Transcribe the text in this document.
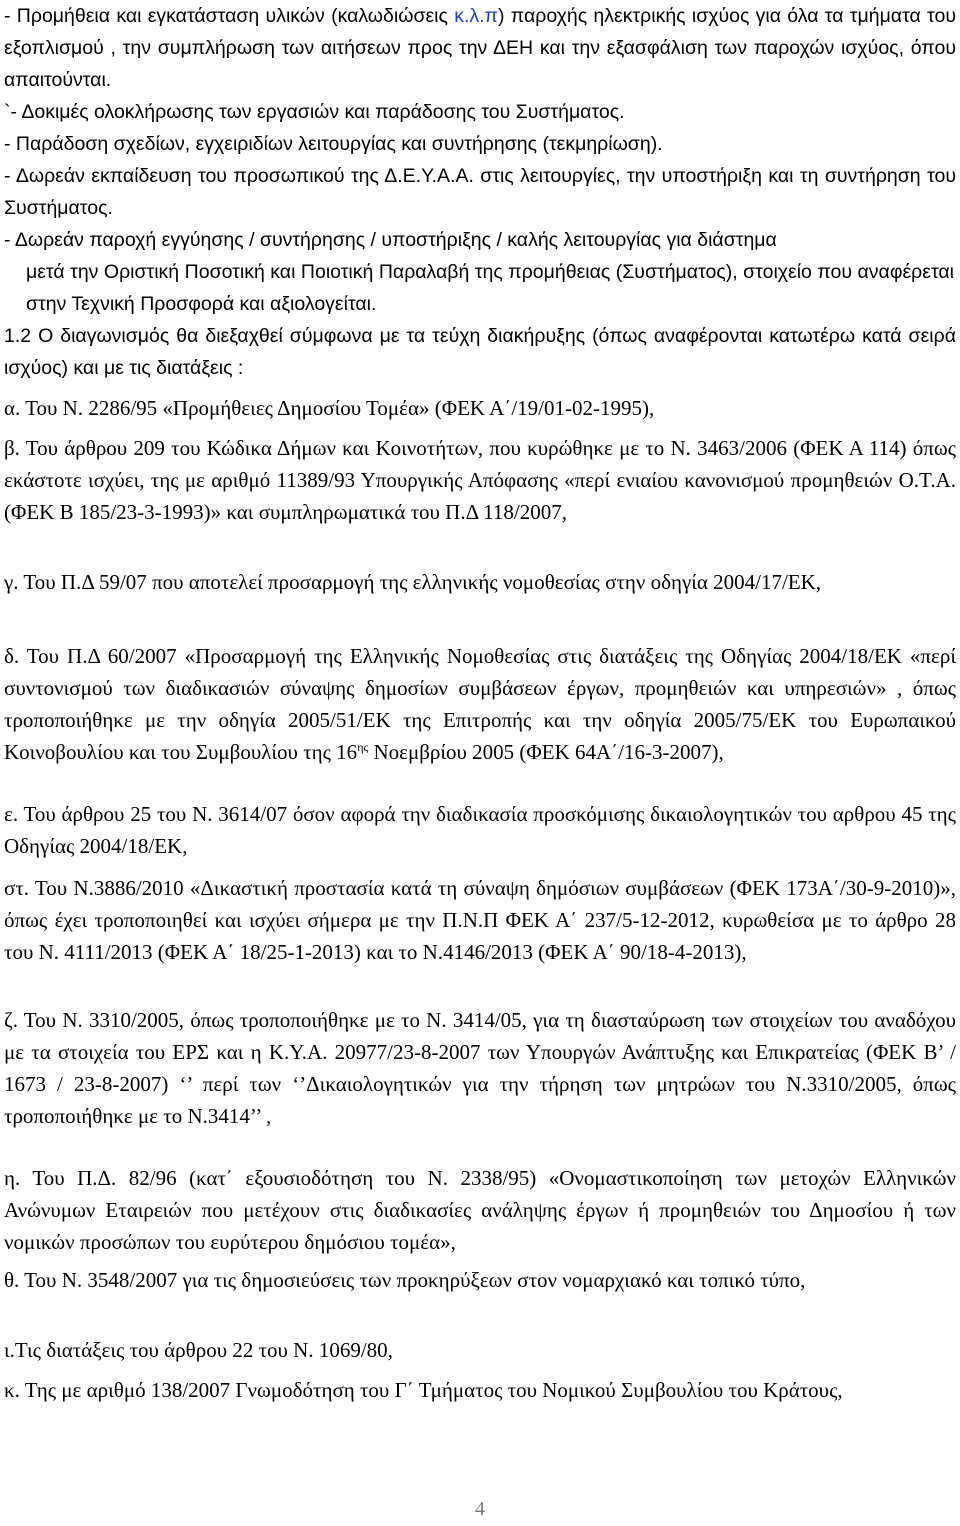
- Προμήθεια και εγκατάσταση υλικών (καλωδιώσεις κ.λ.π) παροχής ηλεκτρικής ισχύος για όλα τα τμήματα του εξοπλισμού , την συμπλήρωση των αιτήσεων προς την ΔΕΗ και την εξασφάλιση των παροχών ισχύος, όπου απαιτούνται.

`- Δοκιμές ολοκλήρωσης των εργασιών και παράδοσης του Συστήματος.

- Παράδοση σχεδίων, εγχειριδίων λειτουργίας και συντήρησης (τεκμηρίωση).

- Δωρεάν εκπαίδευση του προσωπικού της Δ.Ε.Υ.Α.Α. στις λειτουργίες, την υποστήριξη και τη συντήρηση του Συστήματος.

- Δωρεάν παροχή εγγύησης / συντήρησης / υποστήριξης / καλής λειτουργίας για διάστημα

μετά την Οριστική Ποσοτική και Ποιοτική Παραλαβή της προμήθειας (Συστήματος), στοιχείο που αναφέρεται στην Τεχνική Προσφορά και αξιολογείται.

1.2 Ο διαγωνισμός θα διεξαχθεί σύμφωνα με τα τεύχη διακήρυξης (όπως αναφέρονται κατωτέρω κατά σειρά ισχύος) και με τις διατάξεις :

α. Του Ν. 2286/95 «Προμήθειες Δημοσίου Τομέα» (ΦΕΚ Α΄/19/01-02-1995),

β. Του άρθρου 209 του Κώδικα Δήμων και Κοινοτήτων, που κυρώθηκε με το Ν. 3463/2006 (ΦΕΚ Α 114) όπως εκάστοτε ισχύει, της με αριθμό 11389/93 Υπουργικής Απόφασης «περί ενιαίου κανονισμού προμηθειών Ο.Τ.Α. (ΦΕΚ Β 185/23-3-1993)» και συμπληρωματικά του Π.Δ 118/2007,

γ. Του Π.Δ 59/07 που αποτελεί προσαρμογή της ελληνικής νομοθεσίας στην οδηγία 2004/17/ΕΚ,

δ. Του Π.Δ 60/2007 «Προσαρμογή της Ελληνικής Νομοθεσίας στις διατάξεις της Οδηγίας 2004/18/ΕΚ «περί συντονισμού των διαδικασιών σύναψης δημοσίων συμβάσεων έργων, προμηθειών και υπηρεσιών» , όπως τροποποιήθηκε με την οδηγία 2005/51/ΕΚ της Επιτροπής και την οδηγία 2005/75/ΕΚ του Ευρωπαικού Κοινοβουλίου και του Συμβουλίου της $16^{\eta\varsigma}$ Νοεμβρίου 2005 (ΦΕΚ 64Α΄/16-3-2007),

ε. Του άρθρου 25 του Ν. 3614/07 όσον αφορά την διαδικασία προσκόμισης δικαιολογητικών του αρθρου 45 της Οδηγίας 2004/18/ΕΚ,

στ. Του Ν.3886/2010 «Δικαστική προστασία κατά τη σύναψη δημόσιων συμβάσεων (ΦΕΚ 173Α΄/30-9-2010)», όπως έχει τροποποιηθεί και ισχύει σήμερα με την Π.Ν.Π ΦΕΚ Α΄ 237/5-12-2012, κυρωθείσα με το άρθρο 28 του Ν. 4111/2013 (ΦΕΚ Α΄ 18/25-1-2013) και το Ν.4146/2013 (ΦΕΚ Α΄ 90/18-4-2013),

ζ. Του Ν. 3310/2005, όπως τροποποιήθηκε με το Ν. 3414/05, για τη διασταύρωση των στοιχείων του αναδόχου με τα στοιχεία του ΕΡΣ και η Κ.Υ.Α. 20977/23-8-2007 των Υπουργών Ανάπτυξης και Επικρατείας (ΦΕΚ Β’ / 1673 / 23-8-2007) ‘’ περί των ‘’Δικαιολογητικών για την τήρηση των μητρώων του Ν.3310/2005, όπως τροποποιήθηκε με το Ν.3414’’ ,

η. Του Π.Δ. 82/96 (κατ΄ εξουσιοδότηση του Ν. 2338/95) «Ονομαστικοποίηση των μετοχών Ελληνικών Ανώνυμων Εταιρειών που μετέχουν στις διαδικασίες ανάληψης έργων ή προμηθειών του Δημοσίου ή των νομικών προσώπων του ευρύτερου δημόσιου τομέα»,

θ. Του Ν. 3548/2007 για τις δημοσιεύσεις των προκηρύξεων στον νομαρχιακό και τοπικό τύπο,

ι.Τις διατάξεις του άρθρου 22 του Ν. 1069/80,

κ. Της με αριθμό 138/2007 Γνωμοδότηση του Γ΄ Τμήματος του Νομικού Συμβουλίου του Κράτους,

4
